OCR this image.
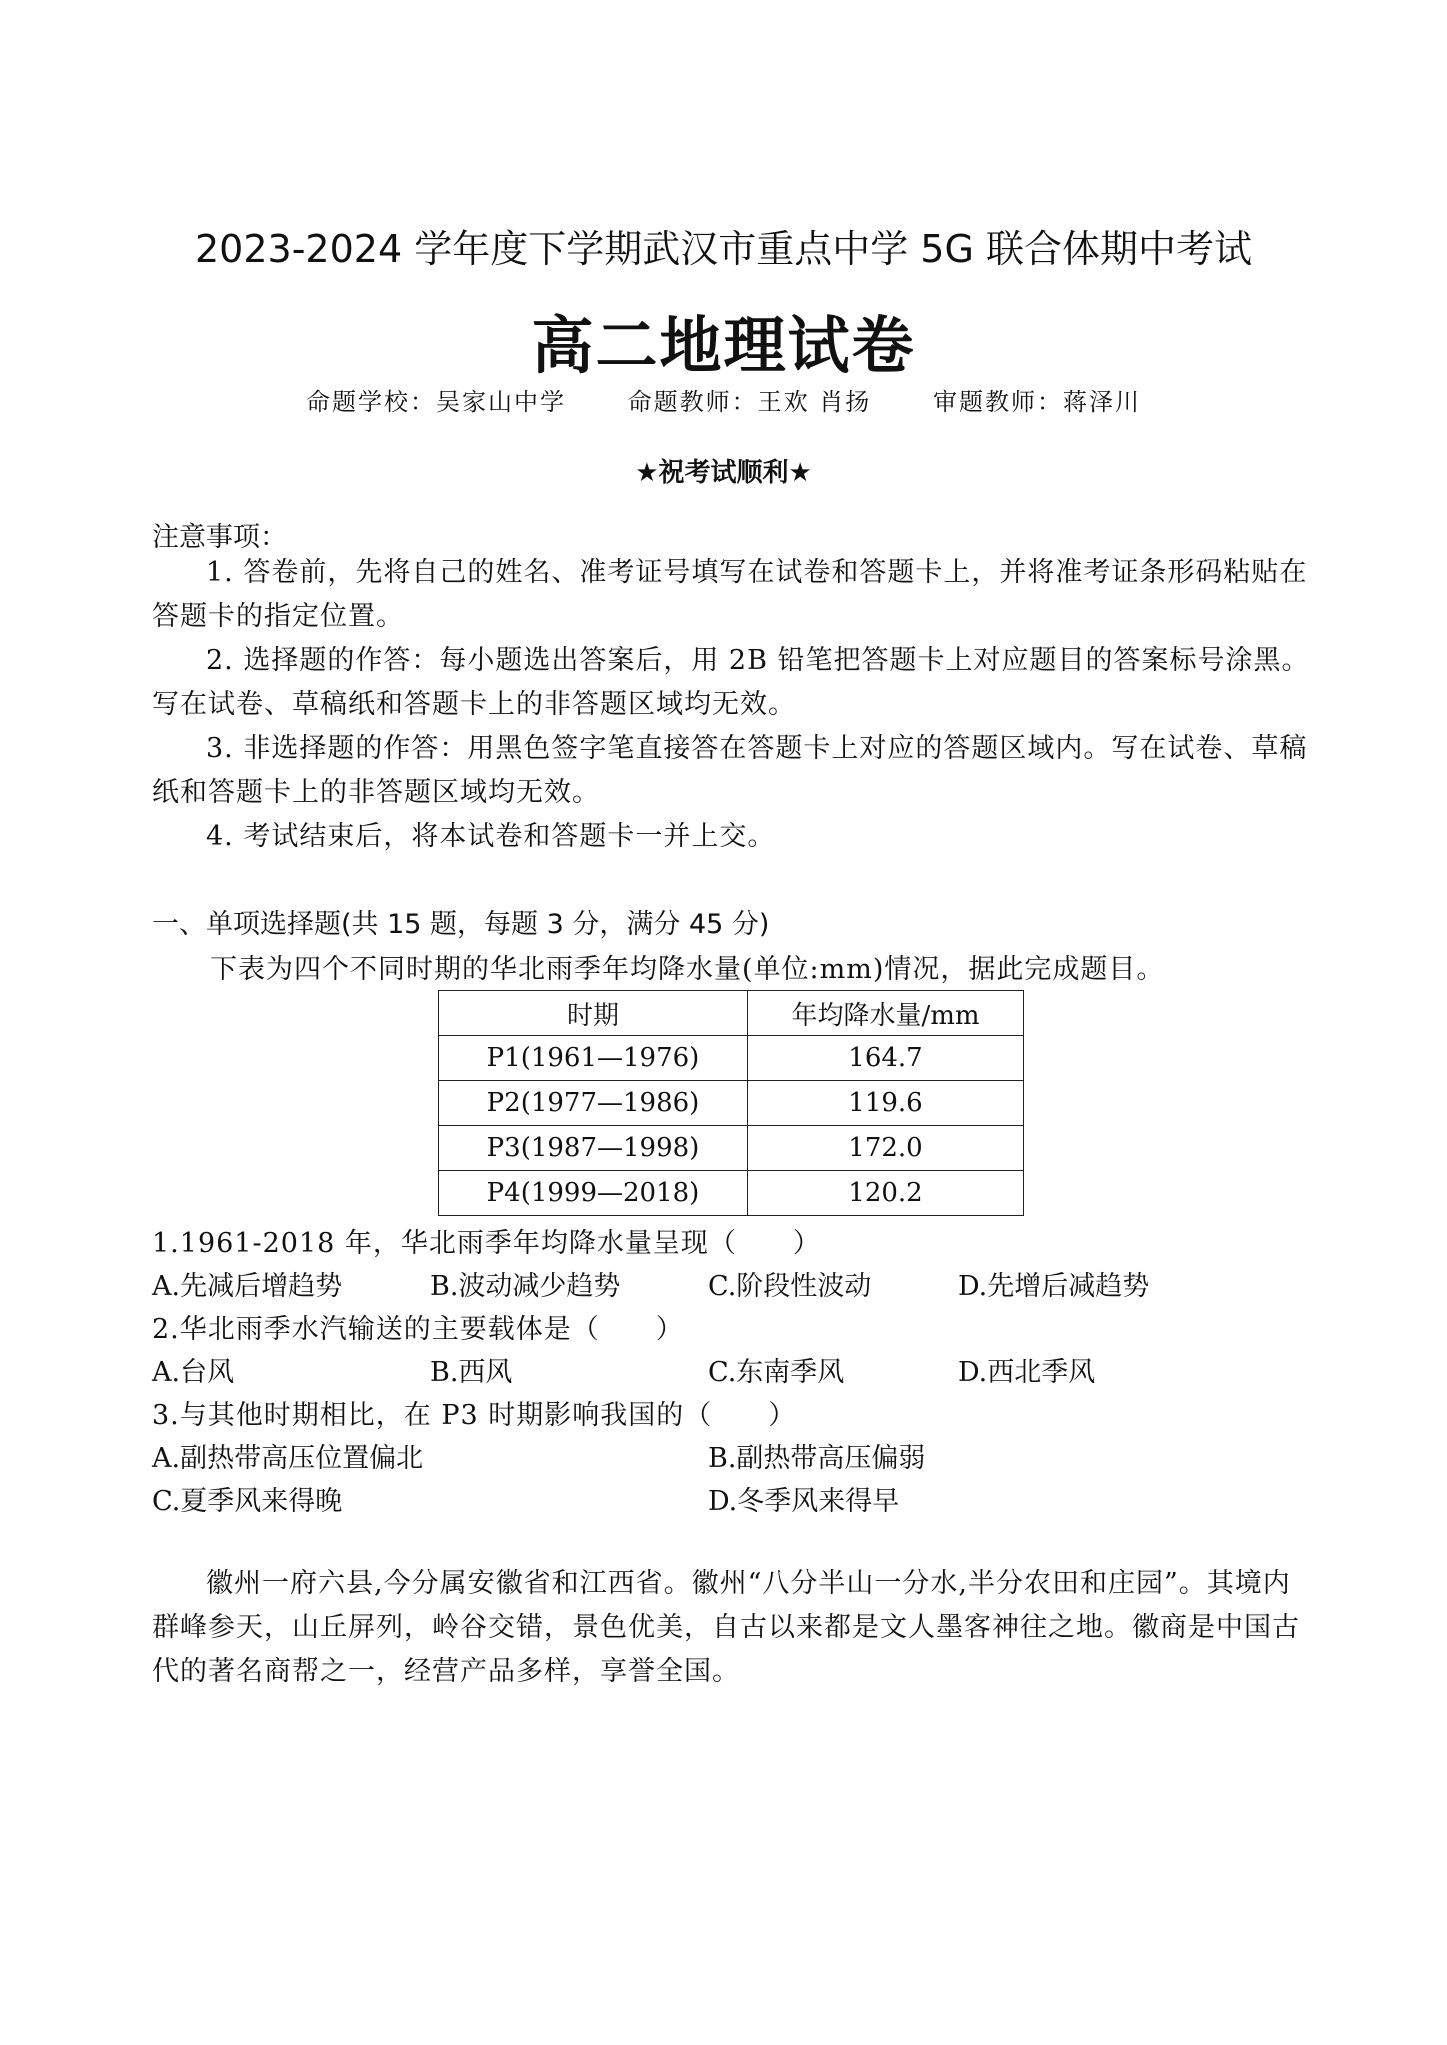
2023-2024 学年度下学期武汉市重点中学 5G 联合体期中考试
高二地理试卷
命题学校：吴家山中学	命题教师：王欢 肖扬	审题教师：蒋泽川
★祝考试顺利★
注意事项：
1. 答卷前，先将自己的姓名、准考证号填写在试卷和答题卡上，并将准考证条形码粘贴在答题卡的指定位置。
2. 选择题的作答：每小题选出答案后，用 2B 铅笔把答题卡上对应题目的答案标号涂黑。写在试卷、草稿纸和答题卡上的非答题区域均无效。
3. 非选择题的作答：用黑色签字笔直接答在答题卡上对应的答题区域内。写在试卷、草稿纸和答题卡上的非答题区域均无效。
4. 考试结束后，将本试卷和答题卡一并上交。
一、单项选择题(共 15 题，每题 3 分，满分 45 分)
下表为四个不同时期的华北雨季年均降水量(单位:mm)情况，据此完成题目。
时期	年均降水量/mm
P1(1961—1976)	164.7
P2(1977—1986)	119.6
P3(1987—1998)	172.0
P4(1999—2018)	120.2
1.1961-2018 年，华北雨季年均降水量呈现（　　）
A.先减后增趋势	B.波动减少趋势	C.阶段性波动	D.先增后减趋势
2.华北雨季水汽输送的主要载体是（　　）
A.台风	B.西风	C.东南季风	D.西北季风
3.与其他时期相比，在 P3 时期影响我国的（　　）
A.副热带高压位置偏北	B.副热带高压偏弱
C.夏季风来得晚	D.冬季风来得早
徽州一府六县,今分属安徽省和江西省。徽州“八分半山一分水,半分农田和庄园”。其境内群峰参天，山丘屏列，岭谷交错，景色优美，自古以来都是文人墨客神往之地。徽商是中国古代的著名商帮之一，经营产品多样，享誉全国。
